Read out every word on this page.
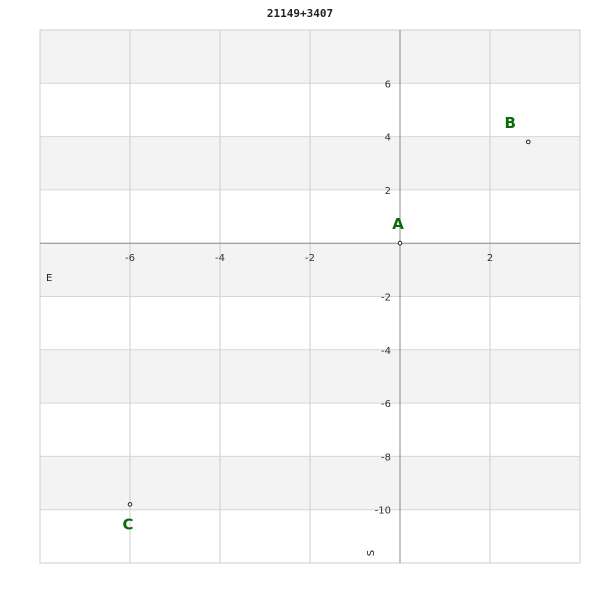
-6	-4	-2	2
6
4
2
-2
-4
-6
-8
-10
A
B
C
21149+3407
E
S
